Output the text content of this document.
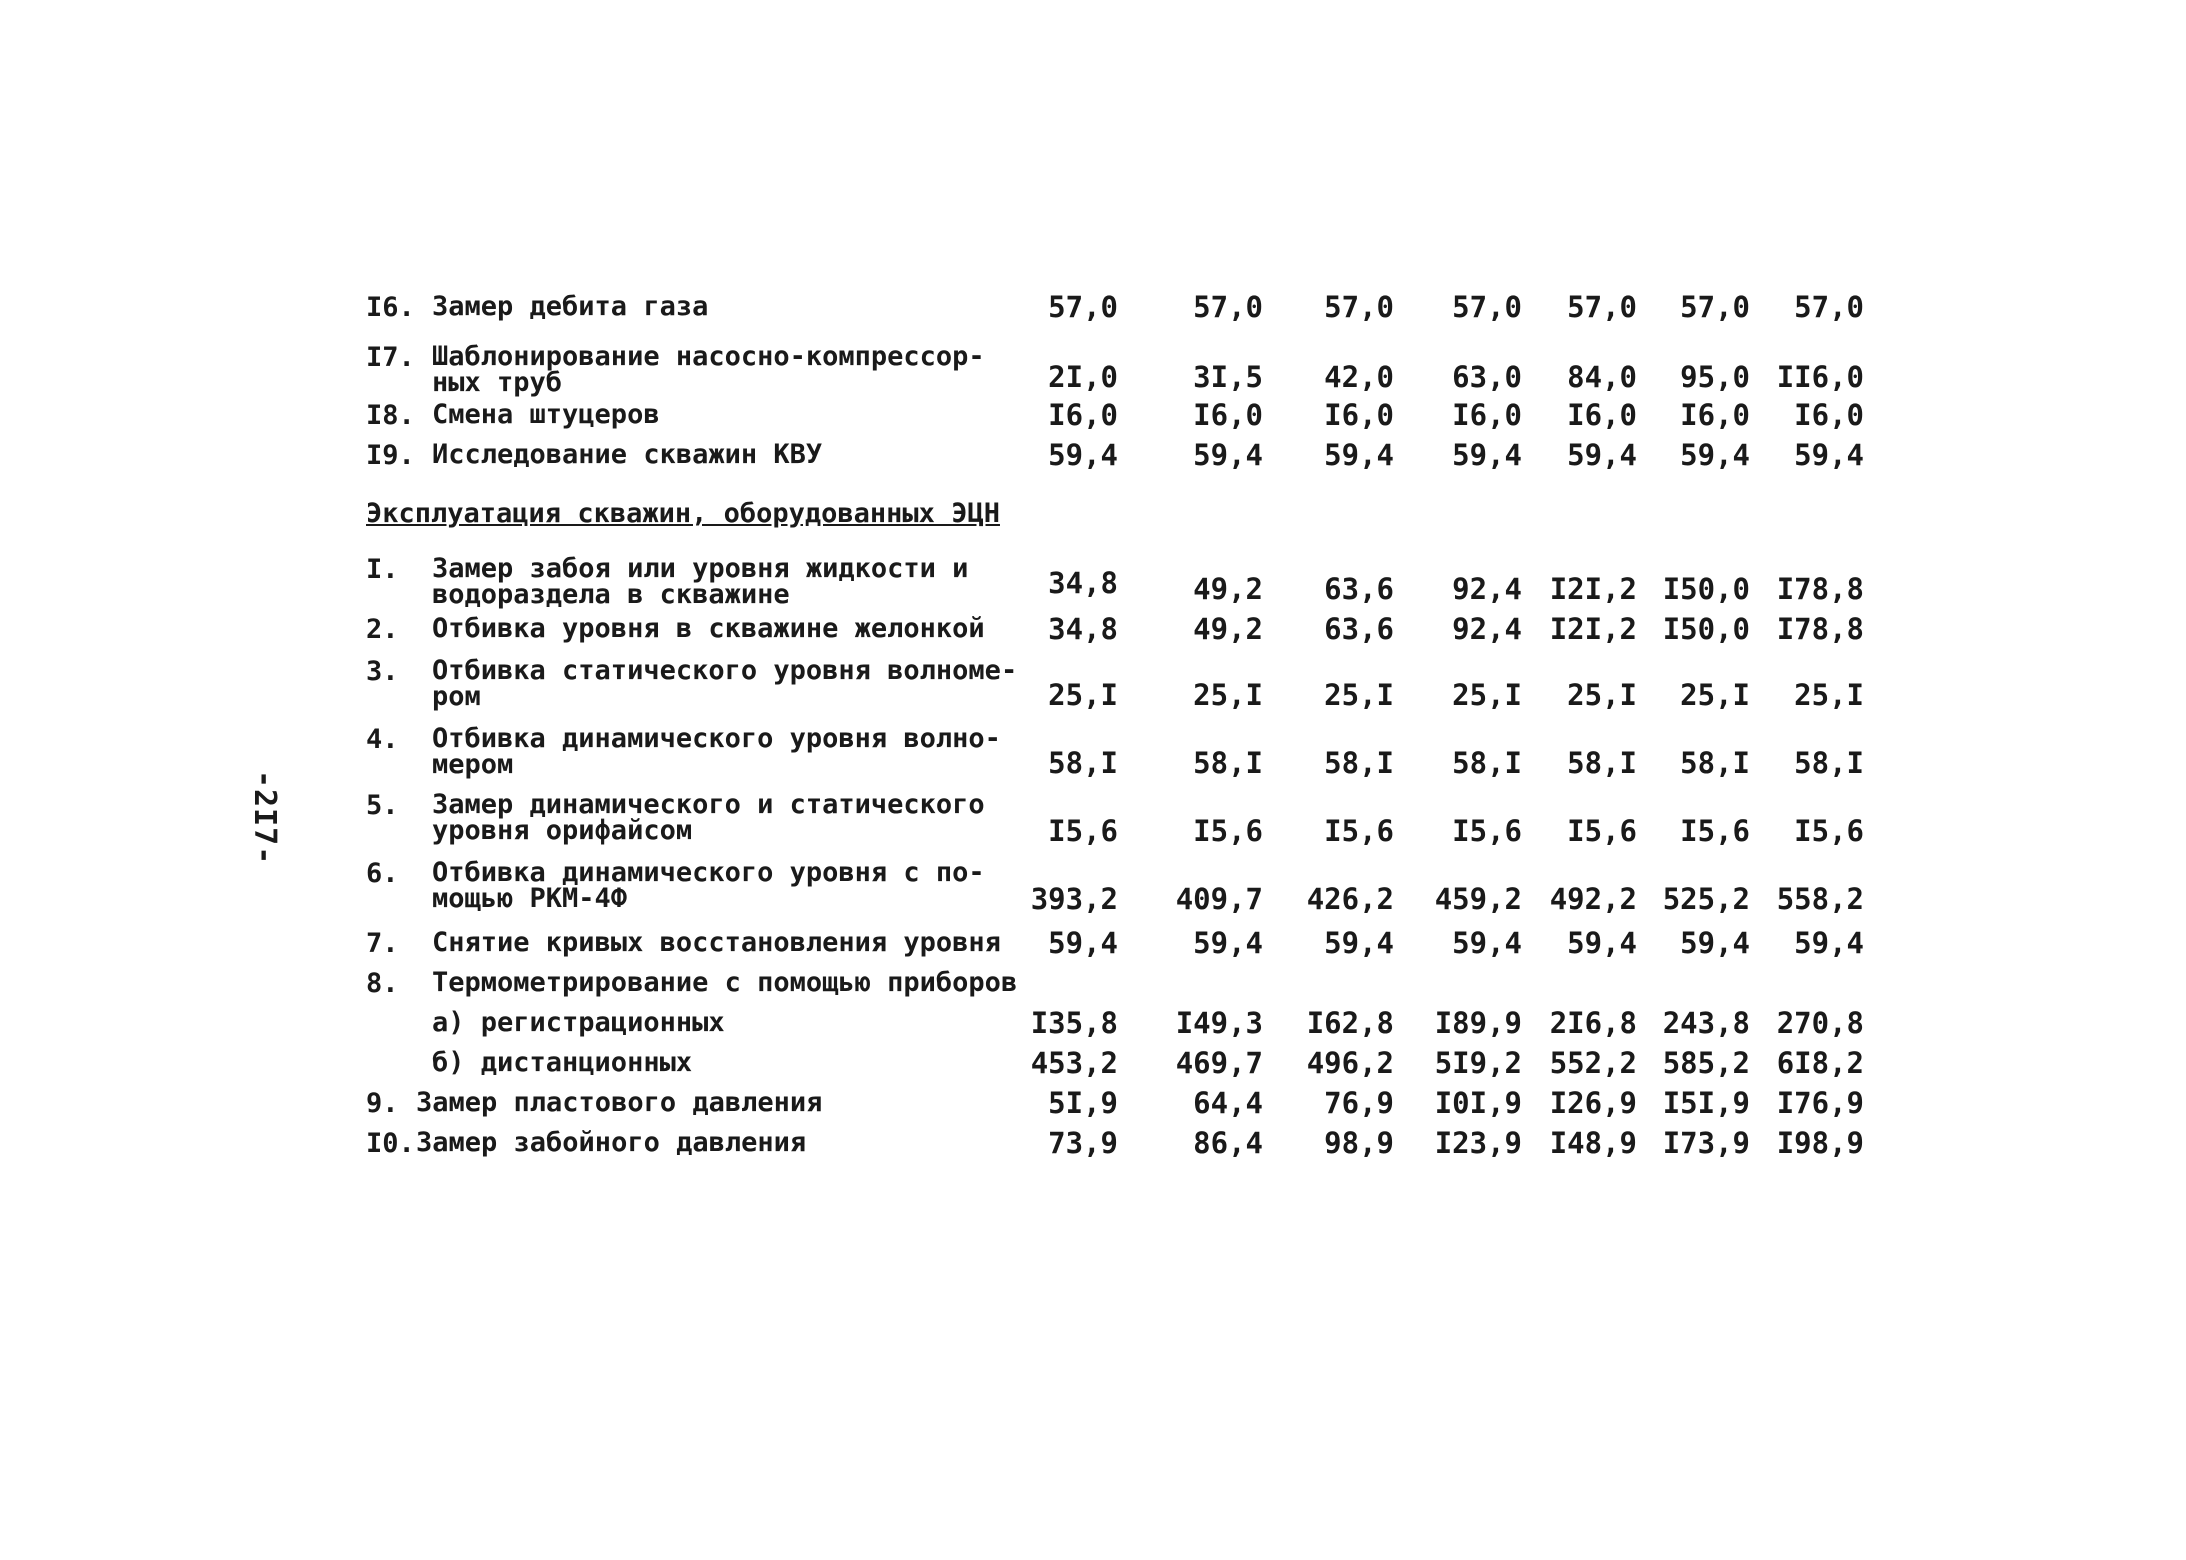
-2I7-
I6. Замер дебита газа	57,0	57,0	57,0	57,0	57,0	57,0	57,0
I7. Шаблонирование насосно-компрессор-
ных труб	2I,0	3I,5	42,0	63,0	84,0	95,0 II6,0
I8. Смена штуцеров	I6,0	I6,0	I6,0	I6,0	I6,0	I6,0	I6,0
I9. Исследование скважин КВУ	59,4	59,4	59,4	59,4	59,4	59,4	59,4
Эксплуатация скважин, оборудованных ЭЦН
I. Замер забоя или уровня жидкости и
водораздела в скважине	34,8	49,2	63,6	92,4 I2I,2 I50,0 I78,8
2. Отбивка уровня в скважине желонкой	34,8	49,2	63,6	92,4 I2I,2 I50,0 I78,8
3. Отбивка статического уровня волноме-
ром	25,I	25,I	25,I	25,I	25,I	25,I	25,I
4. Отбивка динамического уровня волно-
мером	58,I	58,I	58,I	58,I	58,I	58,I	58,I
5. Замер динамического и статического
уровня орифайсом	I5,6	I5,6	I5,6	I5,6	I5,6	I5,6	I5,6
6. Отбивка динамического уровня с по-
мощью РКМ-4Ф	393,2	409,7	426,2	459,2 492,2 525,2 558,2
7. Снятие кривых восстановления уровня	59,4	59,4	59,4	59,4	59,4	59,4	59,4
8. Термометрирование с помощью приборов
а) регистрационных	I35,8	I49,3	I62,8	I89,9 2I6,8 243,8 270,8
б) дистанционных	453,2	469,7	496,2	5I9,2 552,2 585,2 6I8,2
9. Замер пластового давления	5I,9	64,4	76,9	I0I,9 I26,9 I5I,9 I76,9
I0. Замер забойного давления	73,9	86,4	98,9	I23,9 I48,9 I73,9 I98,9
